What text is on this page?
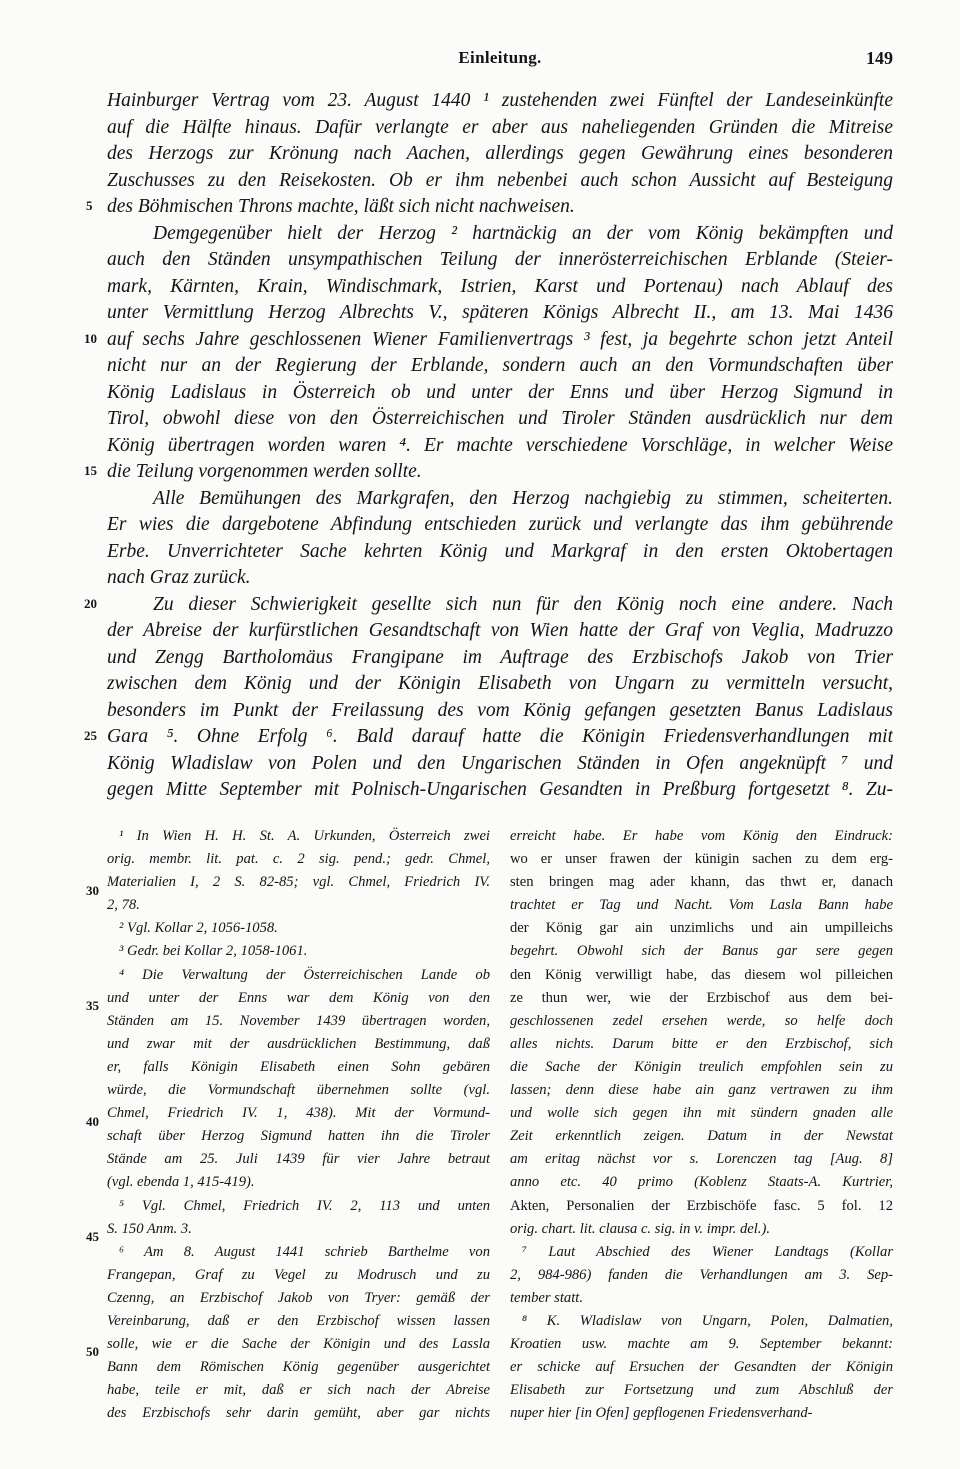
Einleitung.	149
Hainburger Vertrag vom 23. August 1440 ¹ zustehenden zwei Fünftel der Landeseinkünfte
auf die Hälfte hinaus. Dafür verlangte er aber aus naheliegenden Gründen die Mitreise
des Herzogs zur Krönung nach Aachen, allerdings gegen Gewährung eines besonderen
Zuschusses zu den Reisekosten. Ob er ihm nebenbei auch schon Aussicht auf Besteigung
des Böhmischen Throns machte, läßt sich nicht nachweisen.
Demgegenüber hielt der Herzog ² hartnäckig an der vom König bekämpften und
auch den Ständen unsympathischen Teilung der innerösterreichischen Erblande (Steier-
mark, Kärnten, Krain, Windischmark, Istrien, Karst und Portenau) nach Ablauf des
unter Vermittlung Herzog Albrechts V., späteren Königs Albrecht II., am 13. Mai 1436
auf sechs Jahre geschlossenen Wiener Familienvertrags ³ fest, ja begehrte schon jetzt Anteil
nicht nur an der Regierung der Erblande, sondern auch an den Vormundschaften über
König Ladislaus in Österreich ob und unter der Enns und über Herzog Sigmund in
Tirol, obwohl diese von den Österreichischen und Tiroler Ständen ausdrücklich nur dem
König übertragen worden waren ⁴. Er machte verschiedene Vorschläge, in welcher Weise
die Teilung vorgenommen werden sollte.
Alle Bemühungen des Markgrafen, den Herzog nachgiebig zu stimmen, scheiterten.
Er wies die dargebotene Abfindung entschieden zurück und verlangte das ihm gebührende
Erbe. Unverrichteter Sache kehrten König und Markgraf in den ersten Oktobertagen
nach Graz zurück.
Zu dieser Schwierigkeit gesellte sich nun für den König noch eine andere. Nach
der Abreise der kurfürstlichen Gesandtschaft von Wien hatte der Graf von Veglia, Madruzzo
und Zengg Bartholomäus Frangipane im Auftrage des Erzbischofs Jakob von Trier
zwischen dem König und der Königin Elisabeth von Ungarn zu vermitteln versucht,
besonders im Punkt der Freilassung des vom König gefangen gesetzten Banus Ladislaus
Gara ⁵. Ohne Erfolg ⁶. Bald darauf hatte die Königin Friedensverhandlungen mit
König Wladislaw von Polen und den Ungarischen Ständen in Ofen angeknüpft ⁷ und
gegen Mitte September mit Polnisch-Ungarischen Gesandten in Preßburg fortgesetzt ⁸. Zu-
5
10
15
20
25
¹ In Wien H. H. St. A. Urkunden, Österreich zwei
orig. membr. lit. pat. c. 2 sig. pend.; gedr. Chmel,
Materialien I, 2 S. 82-85; vgl. Chmel, Friedrich IV.
2, 78.
² Vgl. Kollar 2, 1056-1058.
³ Gedr. bei Kollar 2, 1058-1061.
⁴ Die Verwaltung der Österreichischen Lande ob
und unter der Enns war dem König von den
Ständen am 15. November 1439 übertragen worden,
und zwar mit der ausdrücklichen Bestimmung, daß
er, falls Königin Elisabeth einen Sohn gebären
würde, die Vormundschaft übernehmen sollte (vgl.
Chmel, Friedrich IV. 1, 438). Mit der Vormund-
schaft über Herzog Sigmund hatten ihn die Tiroler
Stände am 25. Juli 1439 für vier Jahre betraut
(vgl. ebenda 1, 415-419).
⁵ Vgl. Chmel, Friedrich IV. 2, 113 und unten
S. 150 Anm. 3.
⁶ Am 8. August 1441 schrieb Barthelme von
Frangepan, Graf zu Vegel zu Modrusch und zu
Czenng, an Erzbischof Jakob von Tryer: gemäß der
Vereinbarung, daß er den Erzbischof wissen lassen
solle, wie er die Sache der Königin und des Lassla
Bann dem Römischen König gegenüber ausgerichtet
habe, teile er mit, daß er sich nach der Abreise
des Erzbischofs sehr darin gemüht, aber gar nichts
30
35
40
45
50
erreicht habe. Er habe vom König den Eindruck:
wo er unser frawen der künigin sachen zu dem erg-
sten bringen mag ader khann, das thwt er, danach
trachtet er Tag und Nacht. Vom Lasla Bann habe
der König gar ain unzimlichs und ain umpilleichs
begehrt. Obwohl sich der Banus gar sere gegen
den König verwilligt habe, das diesem wol pilleichen
ze thun wer, wie der Erzbischof aus dem bei-
geschlossenen zedel ersehen werde, so helfe doch
alles nichts. Darum bitte er den Erzbischof, sich
die Sache der Königin treulich empfohlen sein zu
lassen; denn diese habe ain ganz vertrawen zu ihm
und wolle sich gegen ihn mit sündern gnaden alle
Zeit erkenntlich zeigen. Datum in der Newstat
am eritag nächst vor s. Lorenczen tag [Aug. 8]
anno etc. 40 primo (Koblenz Staats-A. Kurtrier,
Akten, Personalien der Erzbischöfe fasc. 5 fol. 12
orig. chart. lit. clausa c. sig. in v. impr. del.).
⁷ Laut Abschied des Wiener Landtags (Kollar
2, 984-986) fanden die Verhandlungen am 3. Sep-
tember statt.
⁸ K. Wladislaw von Ungarn, Polen, Dalmatien,
Kroatien usw. machte am 9. September bekannt:
er schicke auf Ersuchen der Gesandten der Königin
Elisabeth zur Fortsetzung und zum Abschluß der
nuper hier [in Ofen] gepflogenen Friedensverhand-
